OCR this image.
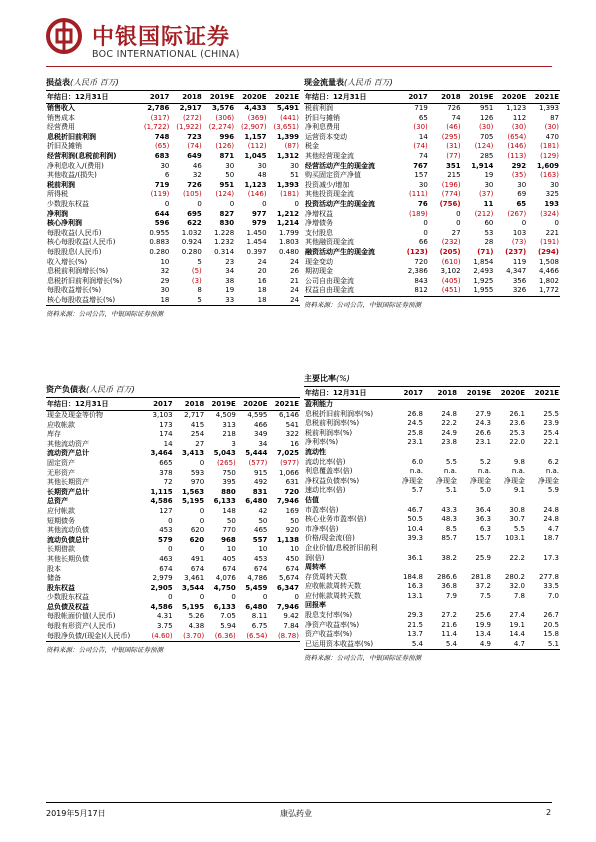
中银国际证券
BOC INTERNATIONAL (CHINA)
损益表(人民币 百万)
年结日：12月31日	2017	2018	2019E	2020E	2021E
销售收入	2,786	2,917	3,576	4,433	5,491
销售成本	(317)	(272)	(306)	(369)	(441)
经营费用	(1,722)	(1,922)	(2,274)	(2,907)	(3,651)
息税折旧前利润	748	723	996	1,157	1,399
折旧及摊销	(65)	(74)	(126)	(112)	(87)
经营利润(息税前利润)	683	649	871	1,045	1,312
净利息收入/(费用)	30	46	30	30	30
其他收益/(损失)	6	32	50	48	51
税前利润	719	726	951	1,123	1,393
所得税	(119)	(105)	(124)	(146)	(181)
少数股东权益	0	0	0	0	0
净利润	644	695	827	977	1,212
核心净利润	596	622	830	979	1,214
每股收益(人民币)	0.955	1.032	1.228	1.450	1.799
核心每股收益(人民币)	0.883	0.924	1.232	1.454	1.803
每股股息(人民币)	0.280	0.280	0.314	0.397	0.480
收入增长(%)	10	5	23	24	24
息税前利润增长(%)	32	(5)	34	20	26
息税折旧前利润增长(%)	29	(3)	38	16	21
每股收益增长(%)	30	8	19	18	24
核心每股收益增长(%)	18	5	33	18	24
资料来源：公司公告，中银国际证券预测
资产负债表(人民币 百万)
年结日：12月31日	2017	2018	2019E	2020E	2021E
现金及现金等价物	3,103	2,717	4,509	4,595	6,146
应收帐款	173	415	313	466	541
库存	174	254	218	349	322
其他流动资产	14	27	3	34	16
流动资产总计	3,464	3,413	5,043	5,444	7,025
固定资产	665	0	(265)	(577)	(977)
无形资产	378	593	750	915	1,066
其他长期资产	72	970	395	492	631
长期资产总计	1,115	1,563	880	831	720
总资产	4,586	5,195	6,133	6,480	7,946
应付帐款	127	0	148	42	169
短期债务	0	0	50	50	50
其他流动负债	453	620	770	465	920
流动负债总计	579	620	968	557	1,138
长期借款	0	0	10	10	10
其他长期负债	463	491	405	453	450
股本	674	674	674	674	674
储备	2,979	3,461	4,076	4,786	5,674
股东权益	2,905	3,544	4,750	5,459	6,347
少数股东权益	0	0	0	0	0
总负债及权益	4,586	5,195	6,133	6,480	7,946
每股帐面价值(人民币)	4.31	5.26	7.05	8.11	9.42
每股有形资产(人民币)	3.75	4.38	5.94	6.75	7.84
每股净负债/(现金)(人民币)	(4.60)	(3.70)	(6.36)	(6.54)	(8.78)
资料来源：公司公告，中银国际证券预测
现金流量表(人民币 百万)
年结日：12月31日	2017	2018	2019E	2020E	2021E
税前利润	719	726	951	1,123	1,393
折旧与摊销	65	74	126	112	87
净利息费用	(30)	(46)	(30)	(30)	(30)
运营资本变动	14	(295)	705	(654)	470
税金	(74)	(31)	(124)	(146)	(181)
其他经营现金流	74	(77)	285	(113)	(129)
经营活动产生的现金流	767	351	1,914	292	1,609
购买固定资产净值	157	215	19	(35)	(163)
投资减少/增加	30	(196)	30	30	30
其他投资现金流	(111)	(774)	(37)	69	325
投资活动产生的现金流	76	(756)	11	65	193
净增权益	(189)	0	(212)	(267)	(324)
净增债务	0	0	60	0	0
支付股息	0	27	53	103	221
其他融资现金流	66	(232)	28	(73)	(191)
融资活动产生的现金流	(123)	(205)	(71)	(237)	(294)
现金变动	720	(610)	1,854	119	1,508
期初现金	2,386	3,102	2,493	4,347	4,466
公司自由现金流	843	(405)	1,925	356	1,802
权益自由现金流	812	(451)	1,955	326	1,772
资料来源：公司公告，中银国际证券预测
主要比率(%)
年结日：12月31日	2017	2018	2019E	2020E	2021E
盈利能力					
息税折旧前利润率(%)	26.8	24.8	27.9	26.1	25.5
息税前利润率(%)	24.5	22.2	24.3	23.6	23.9
税前利润率(%)	25.8	24.9	26.6	25.3	25.4
净利率(%)	23.1	23.8	23.1	22.0	22.1
流动性					
流动比率(倍)	6.0	5.5	5.2	9.8	6.2
利息覆盖率(倍)	n.a.	n.a.	n.a.	n.a.	n.a.
净权益负债率(%)	净现金	净现金	净现金	净现金	净现金
速动比率(倍)	5.7	5.1	5.0	9.1	5.9
估值					
市盈率(倍)	46.7	43.3	36.4	30.8	24.8
核心业务市盈率(倍)	50.5	48.3	36.3	30.7	24.8
市净率(倍)	10.4	8.5	6.3	5.5	4.7
价格/现金流(倍)	39.3	85.7	15.7	103.1	18.7
企业价值/息税折旧前利					
润(倍)	36.1	38.2	25.9	22.2	17.3
周转率					
存货周转天数	184.8	286.6	281.8	280.2	277.8
应收帐款周转天数	16.3	36.8	37.2	32.0	33.5
应付帐款周转天数	13.1	7.9	7.5	7.8	7.0
回报率					
股息支付率(%)	29.3	27.2	25.6	27.4	26.7
净资产收益率(%)	21.5	21.6	19.9	19.1	20.5
资产收益率(%)	13.7	11.4	13.4	14.4	15.8
已运用资本收益率(%)	5.4	5.4	4.9	4.7	5.1
资料来源：公司公告，中银国际证券预测
2019年5月17日	康弘药业	2
